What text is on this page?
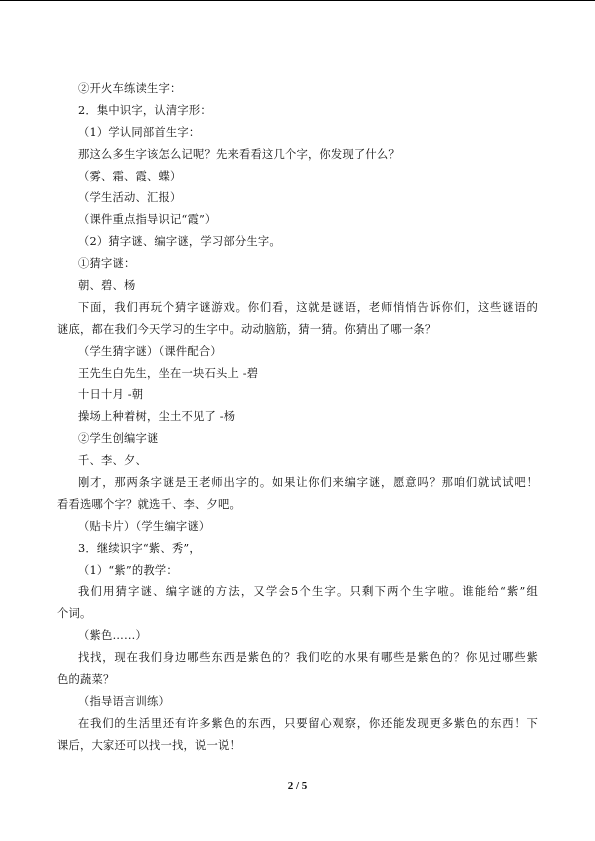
②开火车练读生字：
2．集中识字，认清字形：
（1）学认同部首生字：
那这么多生字该怎么记呢？先来看看这几个字，你发现了什么？
（雾、霜、霞、蝶）
（学生活动、汇报）
（课件重点指导识记“霞”）
（2）猜字谜、编字谜，学习部分生字。
①猜字谜：
朝、碧、杨
下面，我们再玩个猜字谜游戏。你们看，这就是谜语，老师悄悄告诉你们，这些谜语的
谜底，都在我们今天学习的生字中。动动脑筋，猜一猜。你猜出了哪一条？
（学生猜字谜）（课件配合）
王先生白先生，坐在一块石头上 -碧
十日十月 -朝
操场上种着树，尘土不见了 -杨
②学生创编字谜
千、李、夕、
刚才，那两条字谜是王老师出字的。如果让你们来编字谜，愿意吗？那咱们就试试吧！
看看选哪个字？就选千、李、夕吧。
（贴卡片）（学生编字谜）
3．继续识字“紫、秀”，
（1）“紫”的教学：
我们用猜字谜、编字谜的方法，又学会5个生字。只剩下两个生字啦。谁能给“紫”组
个词。
（紫色……）
找找，现在我们身边哪些东西是紫色的？我们吃的水果有哪些是紫色的？你见过哪些紫
色的蔬菜？
（指导语言训练）
在我们的生活里还有许多紫色的东西，只要留心观察，你还能发现更多紫色的东西！下
课后，大家还可以找一找，说一说！
2 / 5
